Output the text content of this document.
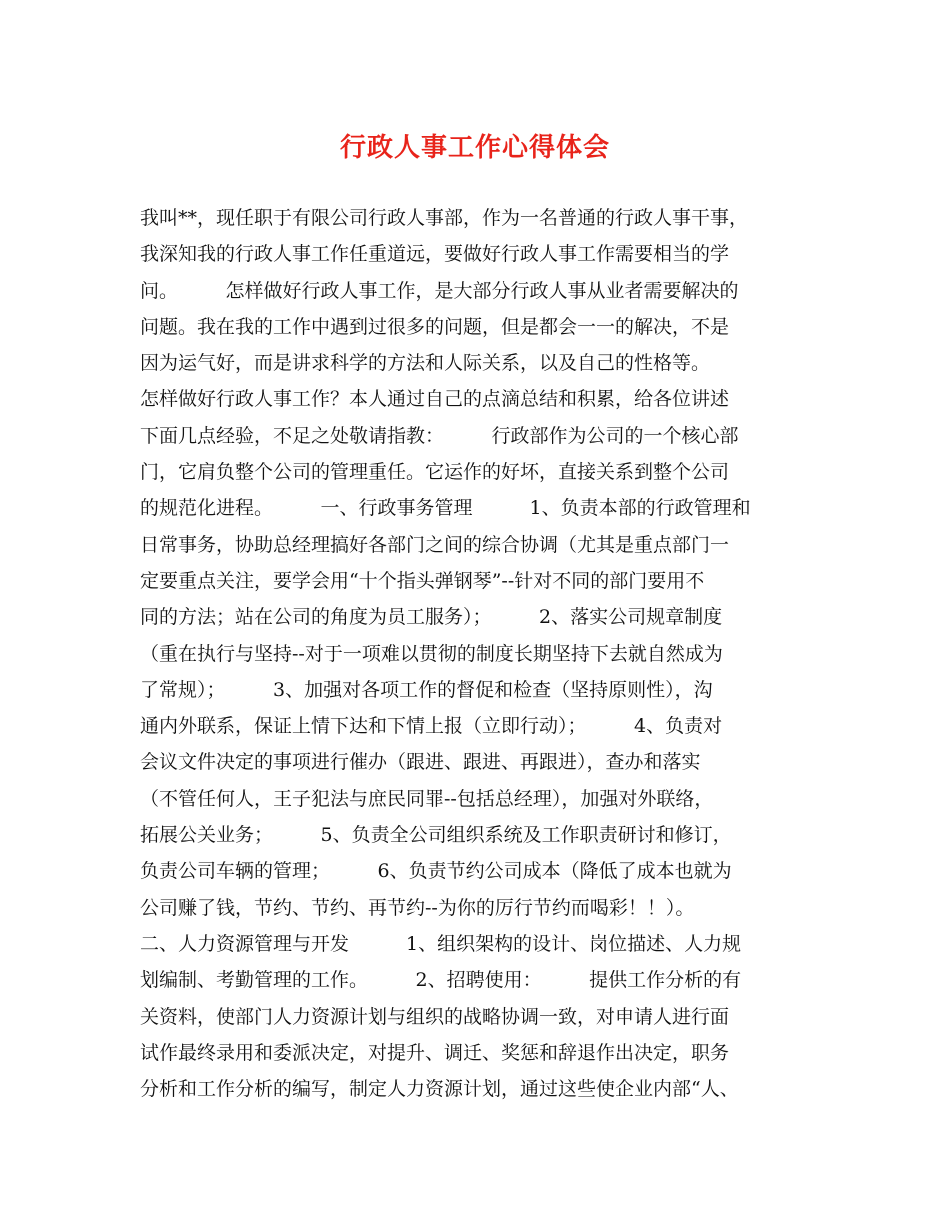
行政人事工作心得体会
我叫**，现任职于有限公司行政人事部，作为一名普通的行政人事干事，
我深知我的行政人事工作任重道远，要做好行政人事工作需要相当的学
问。　　　怎样做好行政人事工作，是大部分行政人事从业者需要解决的
问题。我在我的工作中遇到过很多的问题，但是都会一一的解决，不是
因为运气好，而是讲求科学的方法和人际关系，以及自己的性格等。
怎样做好行政人事工作？本人通过自己的点滴总结和积累，给各位讲述
下面几点经验，不足之处敬请指教：　　　行政部作为公司的一个核心部
门，它肩负整个公司的管理重任。它运作的好坏，直接关系到整个公司
的规范化进程。　　　一、行政事务管理　　　1、负责本部的行政管理和
日常事务，协助总经理搞好各部门之间的综合协调（尤其是重点部门一
定要重点关注，要学会用“十个指头弹钢琴”--针对不同的部门要用不
同的方法；站在公司的角度为员工服务）；　　　2、落实公司规章制度
（重在执行与坚持--对于一项难以贯彻的制度长期坚持下去就自然成为
了常规）；　　　3、加强对各项工作的督促和检查（坚持原则性），沟
通内外联系，保证上情下达和下情上报（立即行动）；　　　4、负责对
会议文件决定的事项进行催办（跟进、跟进、再跟进），查办和落实
（不管任何人，王子犯法与庶民同罪--包括总经理），加强对外联络，
拓展公关业务；　　　5、负责全公司组织系统及工作职责研讨和修订，
负责公司车辆的管理；　　　6、负责节约公司成本（降低了成本也就为
公司赚了钱，节约、节约、再节约--为你的厉行节约而喝彩！！）。
二、人力资源管理与开发　　　1、组织架构的设计、岗位描述、人力规
划编制、考勤管理的工作。　　　2、招聘使用：　　　提供工作分析的有
关资料，使部门人力资源计划与组织的战略协调一致，对申请人进行面
试作最终录用和委派决定，对提升、调迁、奖惩和辞退作出决定，职务
分析和工作分析的编写，制定人力资源计划，通过这些使企业内部“人、
